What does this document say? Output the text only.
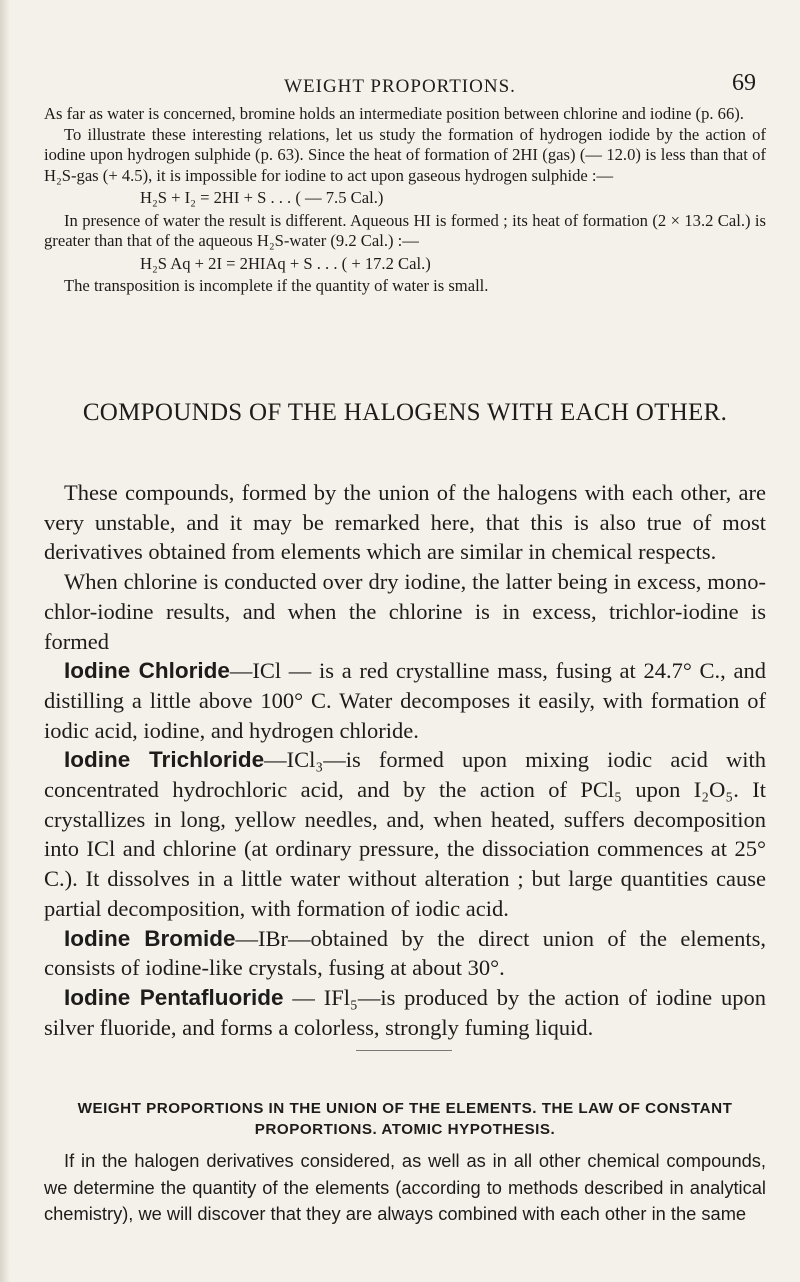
WEIGHT PROPORTIONS.	69

As far as water is concerned, bromine holds an intermediate position between chlorine and iodine (p. 66).

To illustrate these interesting relations, let us study the formation of hydrogen iodide by the action of iodine upon hydrogen sulphide (p. 63). Since the heat of formation of 2HI (gas) (— 12.0) is less than that of H₂S-gas (+ 4.5), it is impossible for iodine to act upon gaseous hydrogen sulphide :—

H₂S + I₂ = 2HI + S . . . ( — 7.5 Cal.)

In presence of water the result is different. Aqueous HI is formed ; its heat of formation (2 × 13.2 Cal.) is greater than that of the aqueous H₂S-water (9.2 Cal.) :—

H₂S Aq + 2I = 2HIAq + S . . . ( + 17.2 Cal.)

The transposition is incomplete if the quantity of water is small.

COMPOUNDS OF THE HALOGENS WITH EACH OTHER.

These compounds, formed by the union of the halogens with each other, are very unstable, and it may be remarked here, that this is also true of most derivatives obtained from elements which are similar in chemical respects.

When chlorine is conducted over dry iodine, the latter being in excess, mono-chlor-iodine results, and when the chlorine is in excess, trichlor-iodine is formed

Iodine Chloride—ICl — is a red crystalline mass, fusing at 24.7° C., and distilling a little above 100° C. Water decomposes it easily, with formation of iodic acid, iodine, and hydrogen chloride.

Iodine Trichloride—ICl₃—is formed upon mixing iodic acid with concentrated hydrochloric acid, and by the action of PCl₅ upon I₂O₅. It crystallizes in long, yellow needles, and, when heated, suffers decomposition into ICl and chlorine (at ordinary pressure, the dissociation commences at 25° C.). It dissolves in a little water without alteration ; but large quantities cause partial decomposition, with formation of iodic acid.

Iodine Bromide—IBr—obtained by the direct union of the elements, consists of iodine-like crystals, fusing at about 30°.

Iodine Pentafluoride — IFl₅—is produced by the action of iodine upon silver fluoride, and forms a colorless, strongly fuming liquid.

WEIGHT PROPORTIONS IN THE UNION OF THE ELEMENTS. THE LAW OF CONSTANT PROPORTIONS. ATOMIC HYPOTHESIS.

If in the halogen derivatives considered, as well as in all other chemical compounds, we determine the quantity of the elements (according to methods described in analytical chemistry), we will discover that they are always combined with each other in the same
